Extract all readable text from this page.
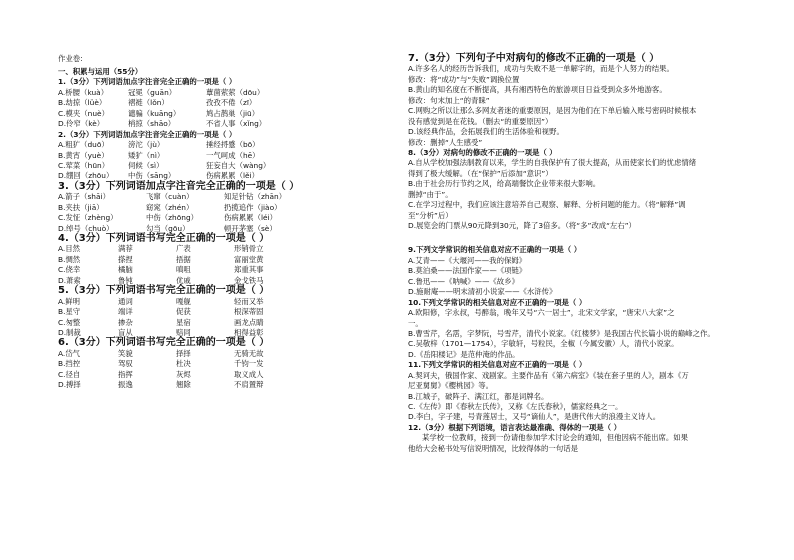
作业卷:
一、积累与运用（55分）
1.（3分）下列词语加点字注音完全正确的一项是（ ）
A.桥腰（kuà）	冠冕（guān）	蕈菌萦萦（dōu）
B.劫掠（lüè）	褶裢（lǒn）	孜孜不倦（zī）
C.模夹（nuè）	谴骗（kuāng）	鸠占鹊巢（jiū）
D.伶窄（kè）	梢掠（shāo）	不省人事（xǐng）
2.（3分）下列词语加点字注音完全正确的一项是（ ）
A.粗犷（duō）	滂沱（jù）	捶经捋蹙（bō）
B.黄宵（yuè）	矮犷（nì）	一气呵成（hē）
C.荤菜（hūn）	伺候（sì）	狂妄自大（wàng）
D.绷回（zhōu）	中伤（sāng）	伤病累累（lěi）
3.（3分）下列词语加点字注音完全正确的一项是（ ）
A.箭子（shāi）	飞窜（cuàn）	知足针钻（zhān）
B.夹扶（jiā）	窈窕（zhén）	扔揽追作（jiào）
C.发怔（zhèng）	中伤（zhōng）	伤病累累（léi）
D.绰号（chuò）	勾当（gōu）	顿开茅塞（sè）
4.（3分）下列词语书写完全正确的一项是（ ）
A.目然	满荐	广表	形销骨立
B.惆然	搽捏	捂据	富丽堂黄
C.侥幸	橘脑	嗔咀	郑重其事
D.萧索	鲁钝	优戚	金戈铁马
5.（3分）下列词语书写完全正确的一项是（ ）
A.鲜明	通词	嘎舰	轻而又举
B.星守	端详	促获	根深蒂固
C.匆整	掺杂	星宿	画龙点睛
D.制裁	盲从	赔同	相得益彰
6.（3分）下列词语书写完全正确的一项是（ ）
A.岱气	笑貌	择择	无骑无故
B.挡控	驾驭	杜决	千钧一发
C.径自	指挥	灰烬	取义成人
D.搏择	振逸	翘除	不肩置辩
7.（3分）下列句子中对病句的修改不正确的一项是（ ）
A.许多名人的经历告诉我们，成功与失败不是一单解字的，而是个人努力的结果。
修改：将“成功”与“失败”调换位置
B.黄山的知名度在不断提高，具有湘西特色的旅游项目日益受到众多外地游客。
修改：句末加上“的青睐”
C.网购之所以让那么多网友者迷的重要原因，是因为他们在下单后输入账号密码时候根本
没有感觉到是在花钱。（删去“的重要原因”）
D.该经典作品，会拓展我们的生活体验和视野。
修改：删掉“人生感受”
8.（3分）对病句的修改不正确的一项是（ ）
A.自从学校加强法制教育以来，学生的自我保护有了很大提高，从而使家长们的忧虑情绪
得到了极大缓解。（在“保护”后添加“意识”）
B.由于社会历行节约之风，给高端餐饮企业带来很大影响。
删掉“由于”。
C.在学习过程中，我们应该注意培养自己观察、解释、分析问题的能力。（将“解释”调
至“分析”后）
D.展览会的门票从90元降到30元，降了3倍多。（将“多”改成“左右”）
9.下列文学常识的相关信息对应不正确的一项是（ ）
A.艾青——《大堰河——我的保姆》
B.莫泊桑——法国作家——《项链》
C.鲁迅——《呐喊》——《故乡》
D.施耐庵——明末清初小说家——《水浒传》
10.下列文学常识的相关信息对应不正确的一项是（ ）
A.欧阳修，字永叔，号醉翁，晚年又号“六一居士”，北宋文学家，“唐宋八大家”之
一。
B.曹雪芹，名霑，字梦阮，号雪芹，清代小说家。《红楼梦》是我国古代长篇小说的巅峰之作。
C.吴敬梓（1701—1754），字敏轩，号粒民，全椒（今属安徽）人，清代小说家。
D.《岳阳楼记》是范仲淹的作品。
11.下列文学常识的相关信息对应不正确的一项是（ ）
A.契诃夫，俄国作家、戏剧家。主要作品有《第六病室》《装在套子里的人》，剧本《万
尼亚舅舅》《樱桃园》等。
B.江城子，破阵子、满江红，都是词牌名。
C.《左传》即《春秋左氏传》，又称《左氏春秋》，儒家经典之一。
D.李白，字子建，号青莲居士，又号“谪仙人”，是唐代伟大的浪漫主义诗人。
12.（3分）根据下列语境，语言表达最准确、得体的一项是（ ）
某学校一位教师，接到一份请他参加学术讨论会的通知，但他因病不能出席。如果
他给大会秘书处写信说明情况，比较得体的一句话是
